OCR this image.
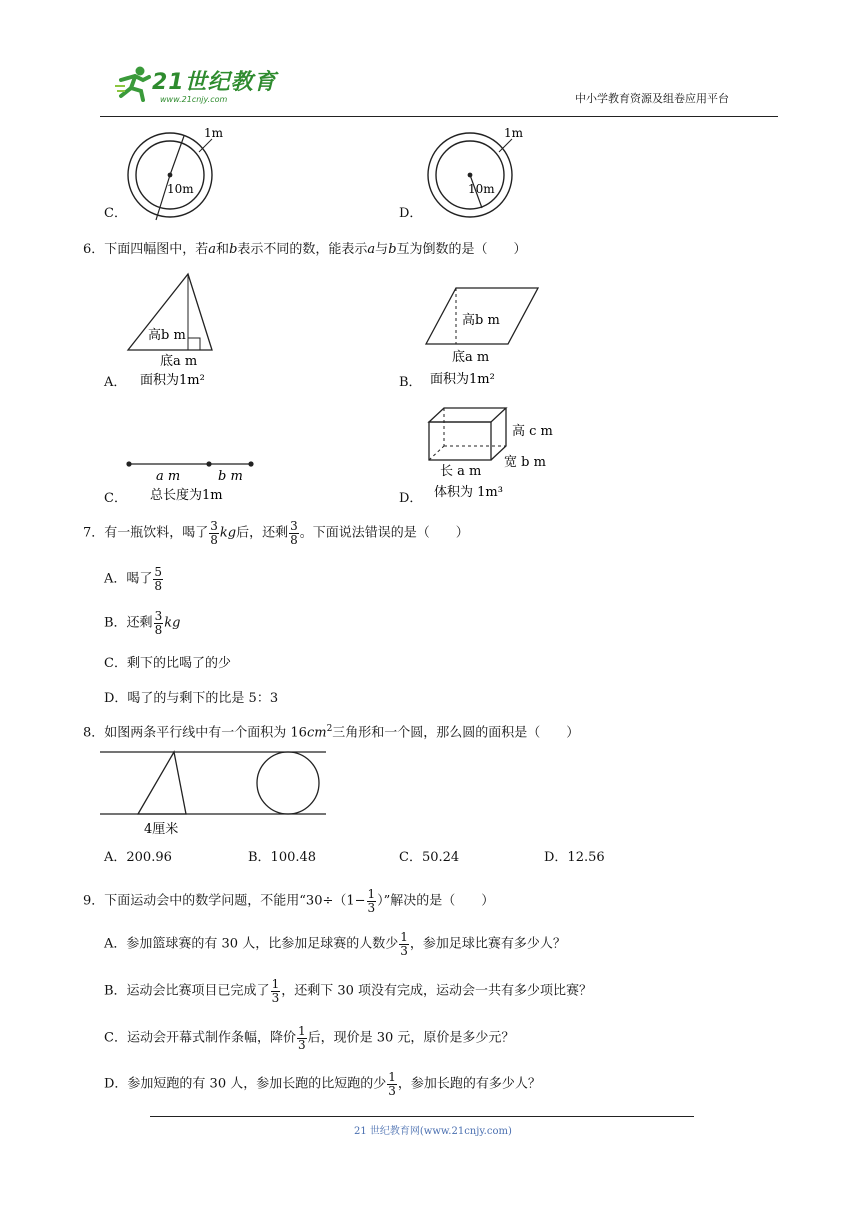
21世纪教育
www.21cnjy.com	中小学教育资源及组卷应用平台
1m
10m
C．
1m
10m
D．
6．下面四幅图中，若a和b表示不同的数，能表示a与b互为倒数的是（　　）
高b m
底a m
面积为1m²
A．
高b m
底a m
面积为1m²
B．
a m	b m
总长度为1m
C．
高 c m
宽 b m
长 a m
体积为 1m³
D．
7．有一瓶饮料，喝了 $\frac{3}{8}$ kg后，还剩 $\frac{3}{8}$ 。下面说法错误的是（　　）
A．喝了 $\frac{5}{8}$
B．还剩 $\frac{3}{8}$ kg
C．剩下的比喝了的少
D．喝了的与剩下的比是 5：3
8．如图两条平行线中有一个面积为 $16cm^2$三角形和一个圆，那么圆的面积是（　　）
4厘米
A．200.96	B．100.48	C．50.24	D．12.56
9．下面运动会中的数学问题，不能用“$30\div(1- \frac{1}{3}$ ）”解决的是（　　）
A．参加篮球赛的有 30 人，比参加足球赛的人数少 $\frac{1}{3}$ ，参加足球比赛有多少人？
B．运动会比赛项目已完成了 $\frac{1}{3}$ ，还剩下 30 项没有完成，运动会一共有多少项比赛？
C．运动会开幕式制作条幅，降价 $\frac{1}{3}$ 后，现价是 30 元，原价是多少元？
D．参加短跑的有 30 人，参加长跑的比短跑的少 $\frac{1}{3}$ ，参加长跑的有多少人？
21 世纪教育网(www.21cnjy.com)
